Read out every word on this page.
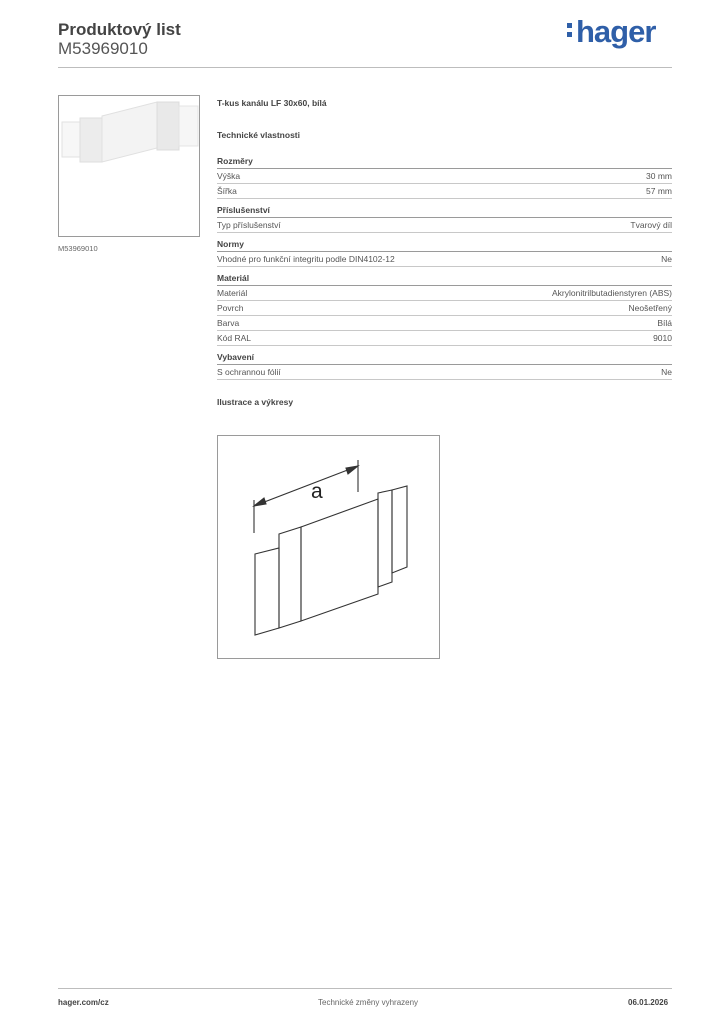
Produktový list
M53969010	hager
M53969010
T-kus kanálu LF 30x60, bílá
Technické vlastnosti
Rozměry
Výška	30 mm
Šířka	57 mm
Příslušenství
Typ příslušenství	Tvarový díl
Normy
Vhodné pro funkční integritu podle DIN4102-12	Ne
Materiál
Materiál	Akrylonitrilbutadienstyren (ABS)
Povrch	Neošetřený
Barva	Bílá
Kód RAL	9010
Vybavení
S ochrannou fólií	Ne
Ilustrace a výkresy
a
hager.com/cz	Technické změny vyhrazeny	06.01.2026
